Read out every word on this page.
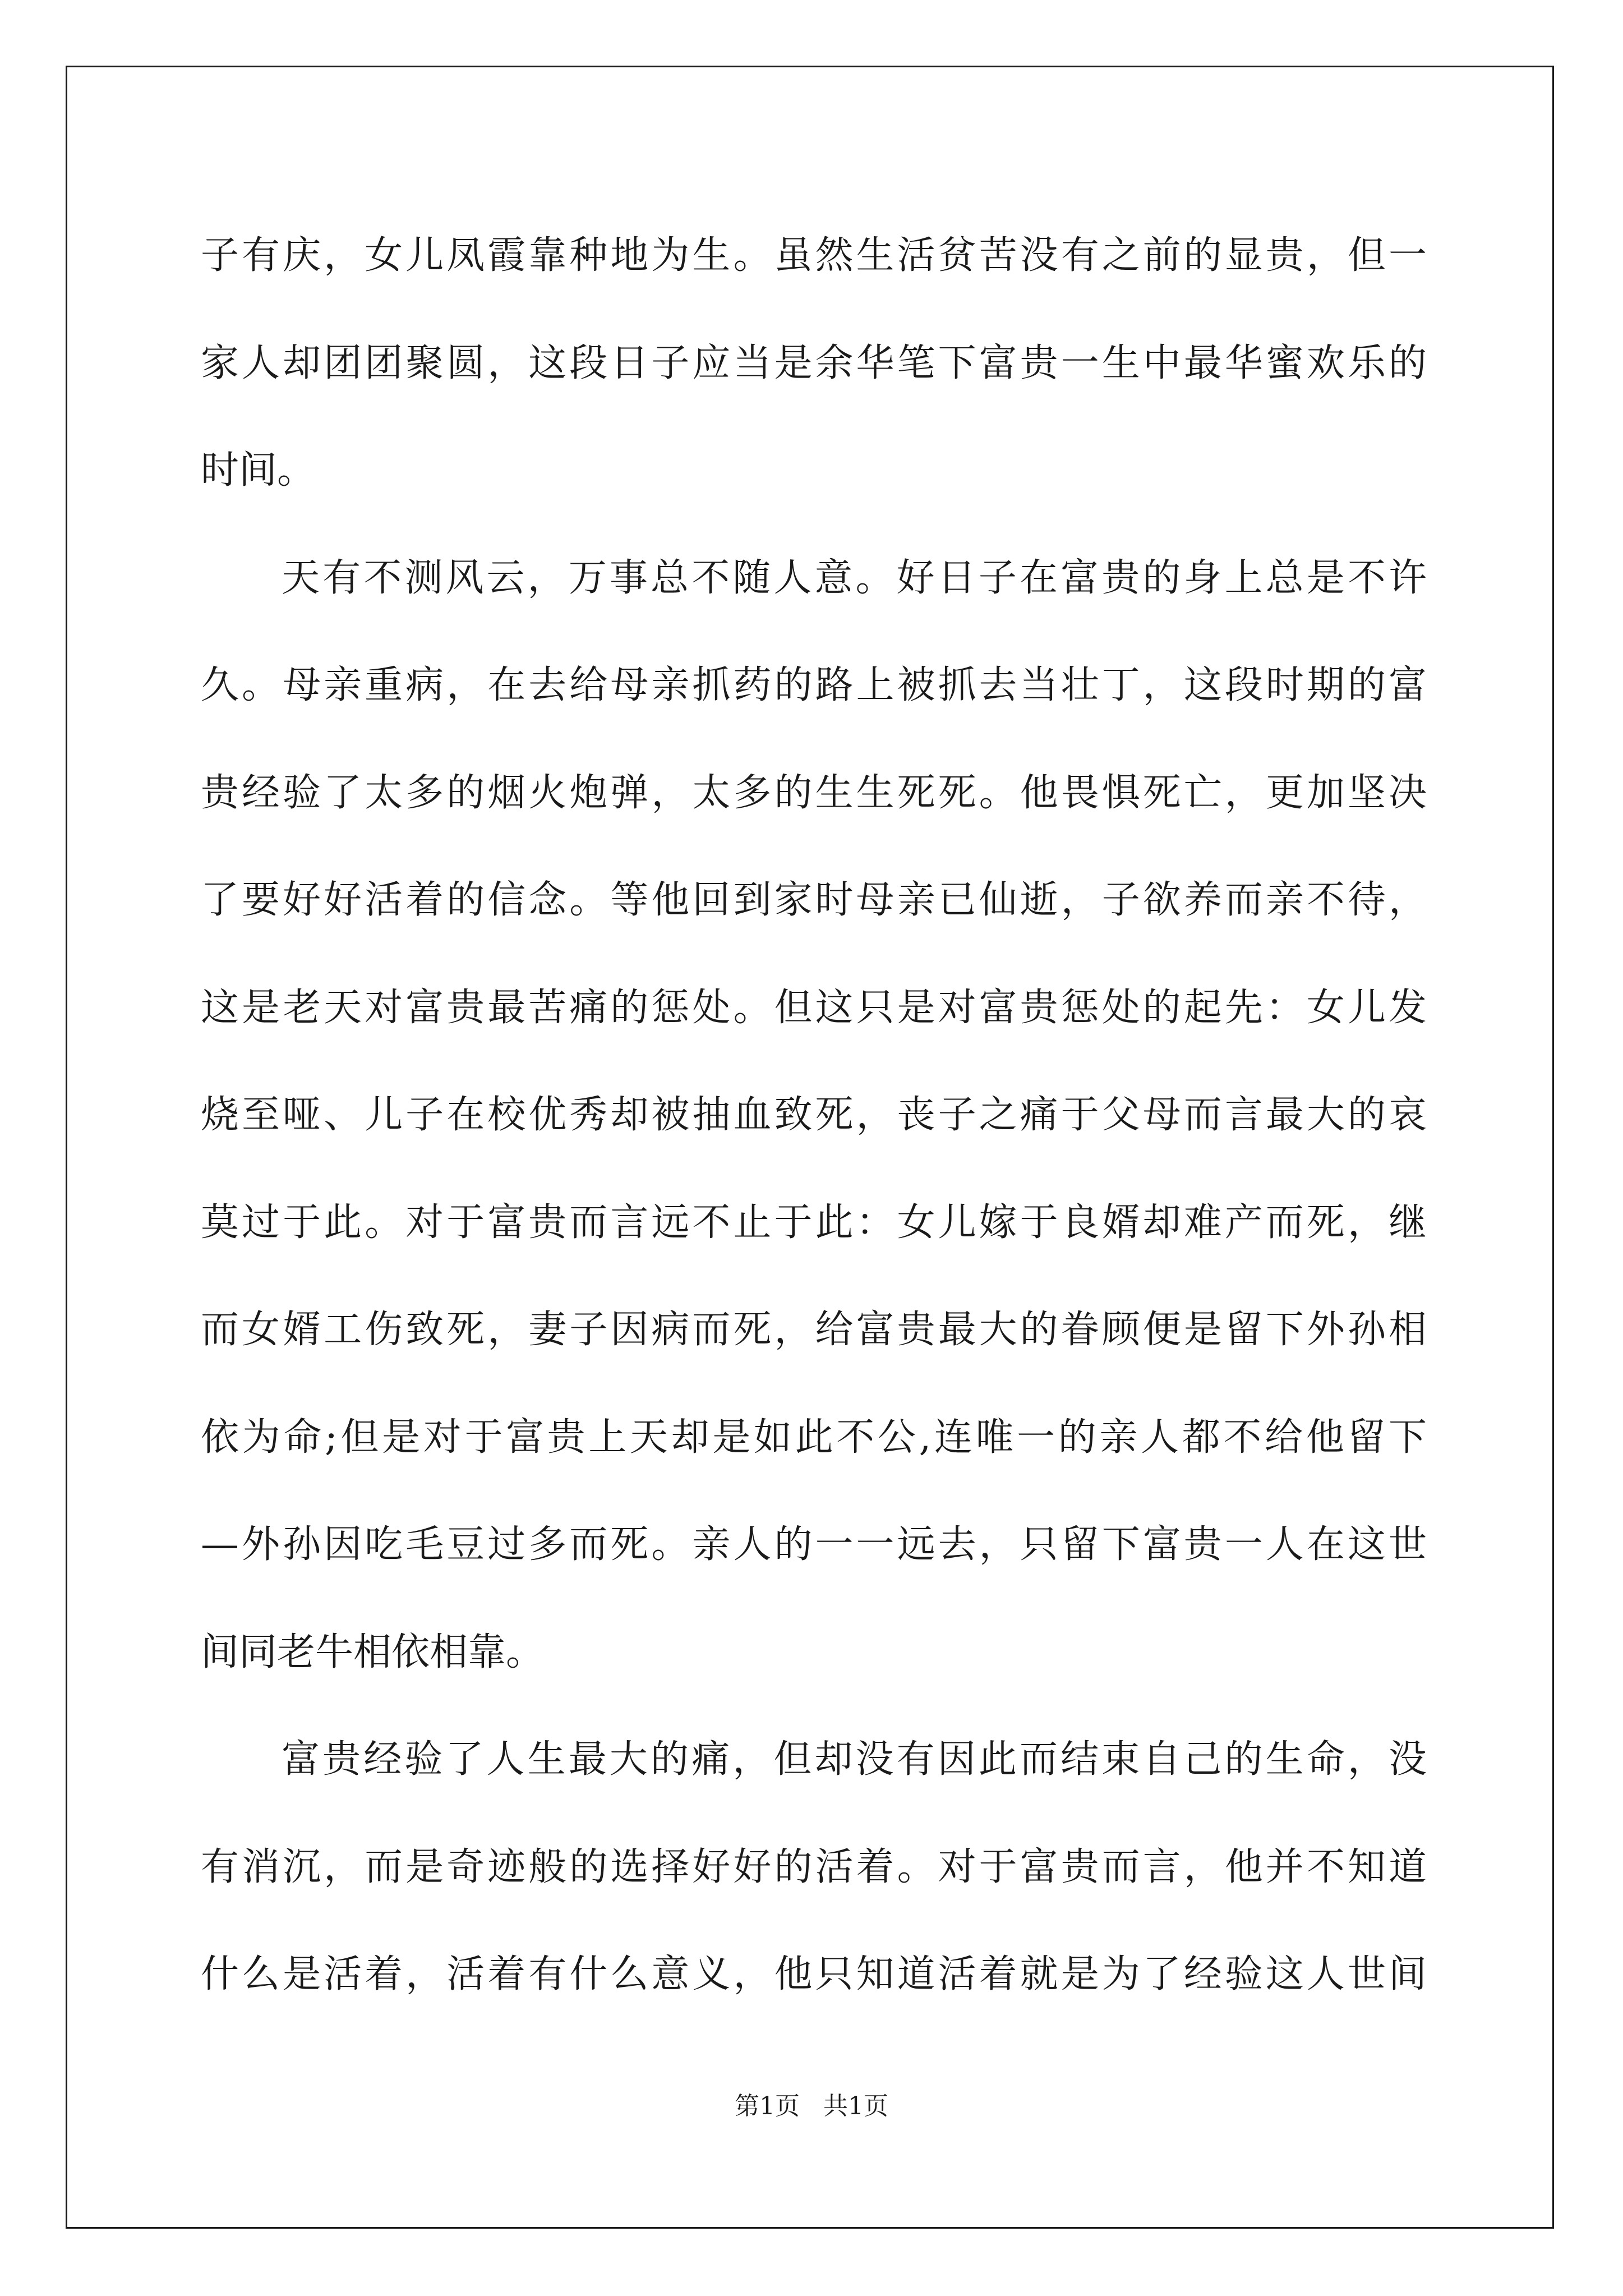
子有庆，女儿凤霞靠种地为生。虽然生活贫苦没有之前的显贵，但一
家人却团团聚圆，这段日子应当是余华笔下富贵一生中最华蜜欢乐的
时间。
天有不测风云，万事总不随人意。好日子在富贵的身上总是不许
久。母亲重病，在去给母亲抓药的路上被抓去当壮丁，这段时期的富
贵经验了太多的烟火炮弹，太多的生生死死。他畏惧死亡，更加坚决
了要好好活着的信念。等他回到家时母亲已仙逝，子欲养而亲不待，
这是老天对富贵最苦痛的惩处。但这只是对富贵惩处的起先：女儿发
烧至哑、儿子在校优秀却被抽血致死，丧子之痛于父母而言最大的哀
莫过于此。对于富贵而言远不止于此：女儿嫁于良婿却难产而死，继
而女婿工伤致死，妻子因病而死，给富贵最大的眷顾便是留下外孙相
依为命;但是对于富贵上天却是如此不公,连唯一的亲人都不给他留下
—外孙因吃毛豆过多而死。亲人的一一远去，只留下富贵一人在这世
间同老牛相依相靠。
富贵经验了人生最大的痛，但却没有因此而结束自己的生命，没
有消沉，而是奇迹般的选择好好的活着。对于富贵而言，他并不知道
什么是活着，活着有什么意义，他只知道活着就是为了经验这人世间
第1页   共1页
